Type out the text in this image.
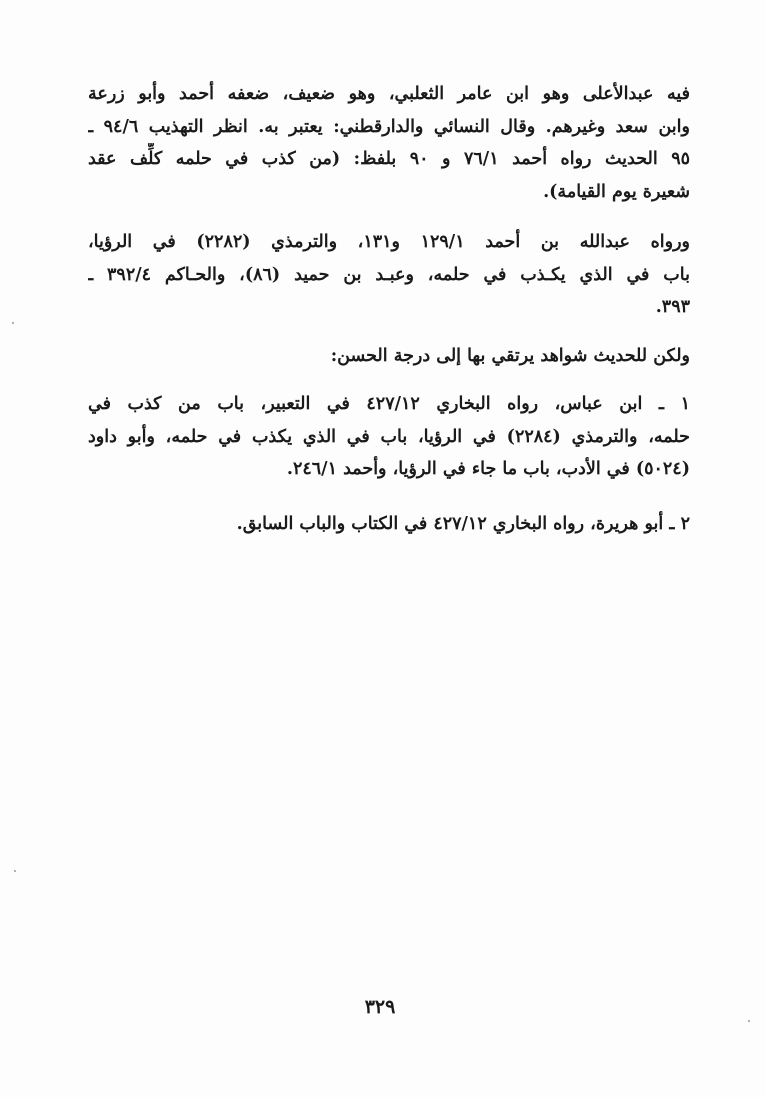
فيه عبدالأعلى وهو ابن عامر الثعلبي، وهو ضعيف، ضعفه أحمد وأبو زرعة
وابن سعد وغيرهم. وقال النسائي والدارقطني: يعتبر به. انظر التهذيب ٩٤/٦ ـ
٩٥ الحديث رواه أحمد ٧٦/١ و ٩٠ بلفظ: (من كذب في حلمه كلِّف عقد
شعيرة يوم القيامة).
ورواه عبدالله بن أحمد ١٢٩/١ و١٣١، والترمذي (٢٢٨٢) في الرؤيا،
باب في الذي يكـذب في حلمه، وعبـد بن حميد (٨٦)، والحـاكم ٣٩٢/٤ ـ
٣٩٣.
ولكن للحديث شواهد يرتقي بها إلى درجة الحسن:
١ ـ ابن عباس، رواه البخاري ٤٢٧/١٢ في التعبير، باب من كذب في
حلمه، والترمذي (٢٢٨٤) في الرؤيا، باب في الذي يكذب في حلمه، وأبو داود
(٥٠٢٤) في الأدب، باب ما جاء في الرؤيا، وأحمد ٢٤٦/١.
٢ ـ أبو هريرة، رواه البخاري ٤٢٧/١٢ في الكتاب والباب السابق.
٣٢٩
